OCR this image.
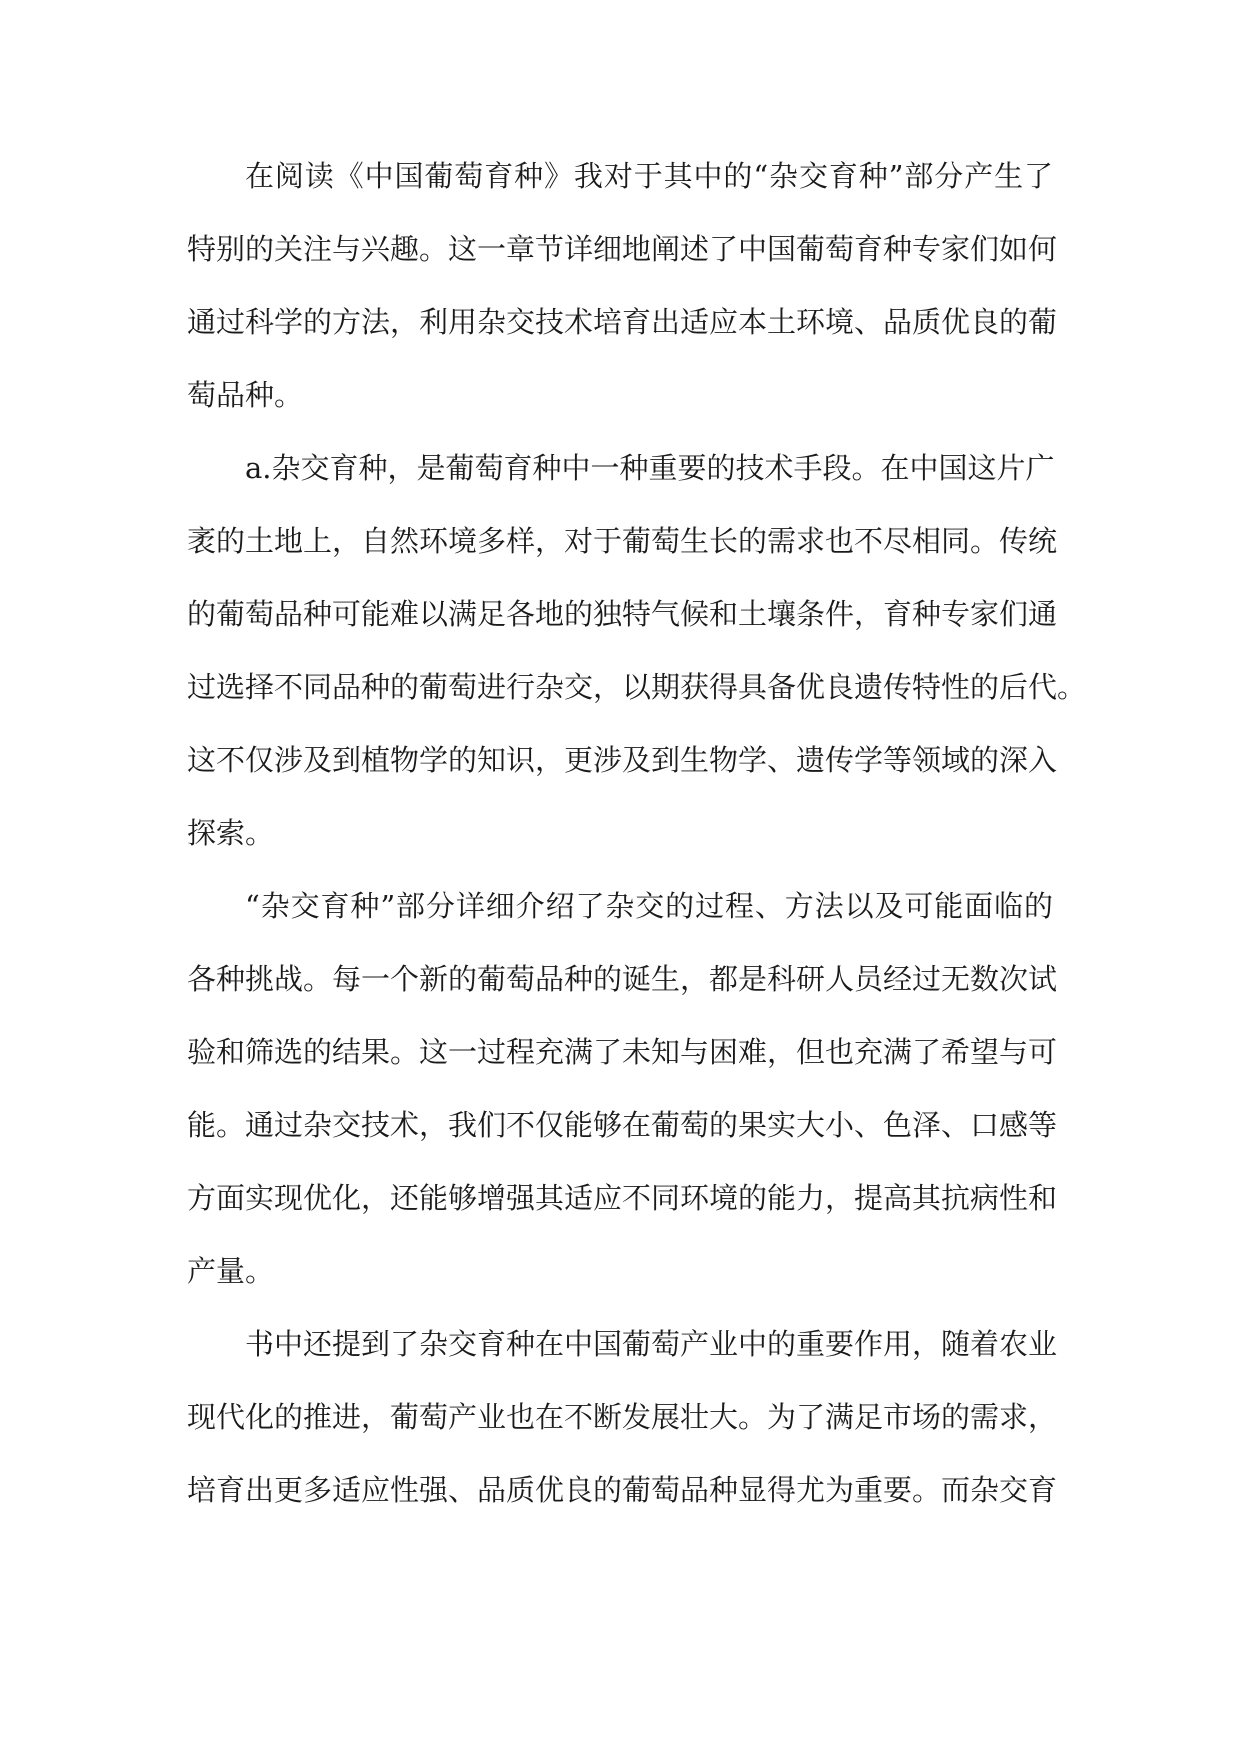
在阅读《中国葡萄育种》我对于其中的“杂交育种”部分产生了
特别的关注与兴趣。这一章节详细地阐述了中国葡萄育种专家们如何
通过科学的方法，利用杂交技术培育出适应本土环境、品质优良的葡
萄品种。
a.杂交育种，是葡萄育种中一种重要的技术手段。在中国这片广
袤的土地上，自然环境多样，对于葡萄生长的需求也不尽相同。传统
的葡萄品种可能难以满足各地的独特气候和土壤条件，育种专家们通
过选择不同品种的葡萄进行杂交，以期获得具备优良遗传特性的后代。
这不仅涉及到植物学的知识，更涉及到生物学、遗传学等领域的深入
探索。
“杂交育种”部分详细介绍了杂交的过程、方法以及可能面临的
各种挑战。每一个新的葡萄品种的诞生，都是科研人员经过无数次试
验和筛选的结果。这一过程充满了未知与困难，但也充满了希望与可
能。通过杂交技术，我们不仅能够在葡萄的果实大小、色泽、口感等
方面实现优化，还能够增强其适应不同环境的能力，提高其抗病性和
产量。
书中还提到了杂交育种在中国葡萄产业中的重要作用，随着农业
现代化的推进，葡萄产业也在不断发展壮大。为了满足市场的需求，
培育出更多适应性强、品质优良的葡萄品种显得尤为重要。而杂交育
